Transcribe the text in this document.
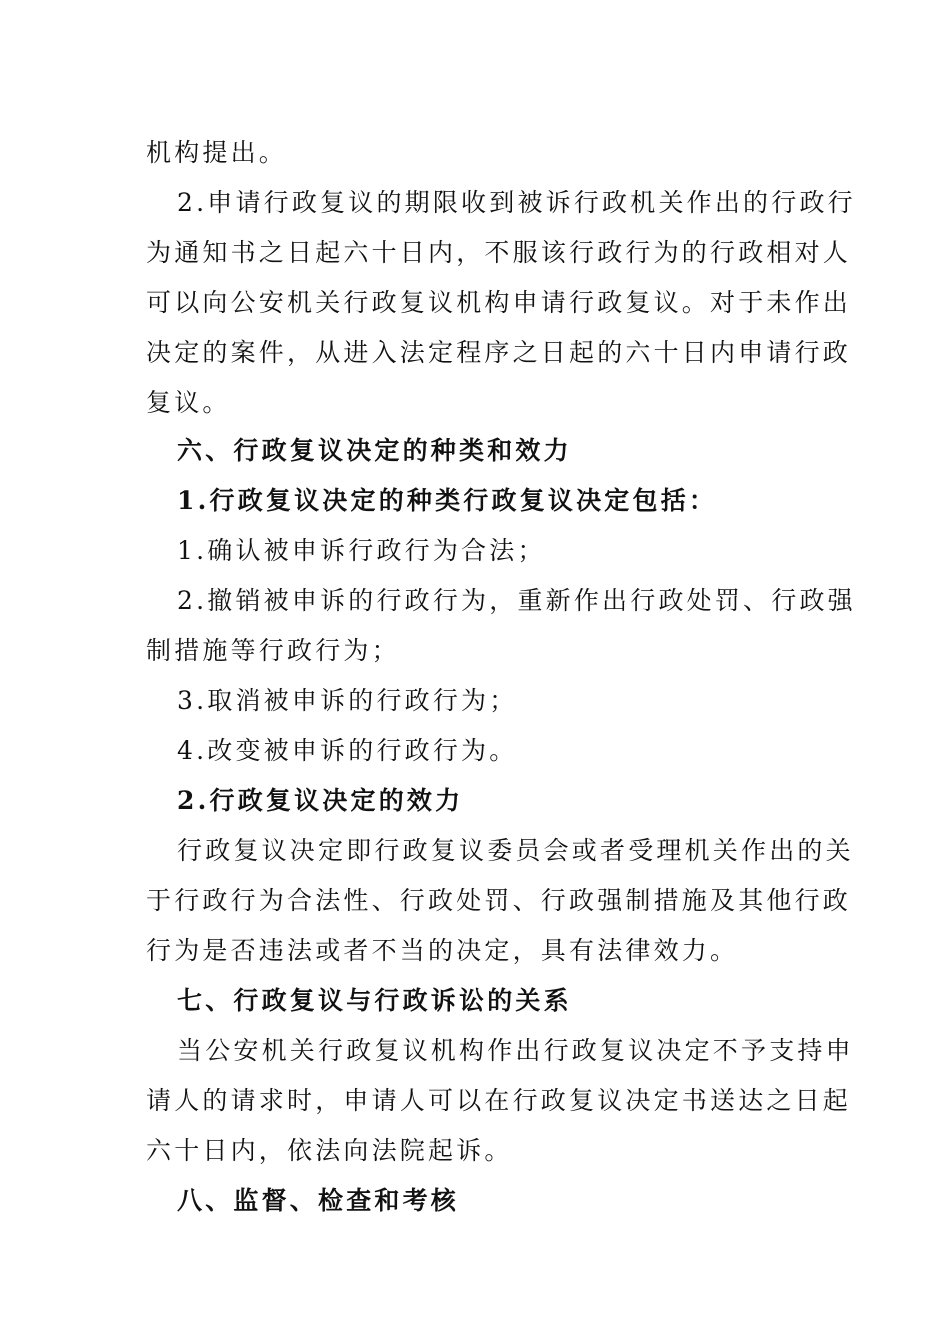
机构提出。
2.申请行政复议的期限收到被诉行政机关作出的行政行
为通知书之日起六十日内，不服该行政行为的行政相对人
可以向公安机关行政复议机构申请行政复议。对于未作出
决定的案件，从进入法定程序之日起的六十日内申请行政
复议。
六、行政复议决定的种类和效力
1.行政复议决定的种类行政复议决定包括：
1.确认被申诉行政行为合法；
2.撤销被申诉的行政行为，重新作出行政处罚、行政强
制措施等行政行为；
3.取消被申诉的行政行为；
4.改变被申诉的行政行为。
2.行政复议决定的效力
行政复议决定即行政复议委员会或者受理机关作出的关
于行政行为合法性、行政处罚、行政强制措施及其他行政
行为是否违法或者不当的决定，具有法律效力。
七、行政复议与行政诉讼的关系
当公安机关行政复议机构作出行政复议决定不予支持申
请人的请求时，申请人可以在行政复议决定书送达之日起
六十日内，依法向法院起诉。
八、监督、检查和考核
